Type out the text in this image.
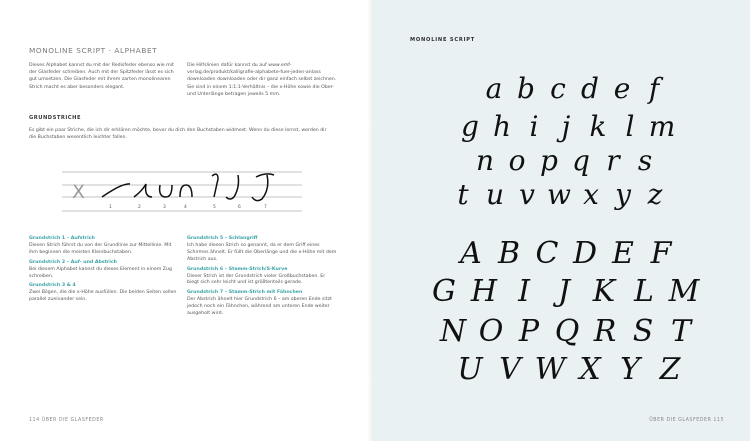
MONOLINE SCRIPT · ALPHABET
Dieses Alphabet kannst du mit der Redisfeder ebenso wie mit der Glasfeder schreiben. Auch mit der Spitzfeder lässt es sich gut umsetzen. Die Glasfeder mit ihrem zarten monolinearen Strich macht es aber besonders elegant.
Die Hilfslinien dafür kannst du auf www.emf-verlag.de/produkt/kalligrafie-alphabete-fuer-jeden-anlass downloaden downloaden oder dir ganz einfach selbst zeichnen. Sie sind in einem 1:1:1-Verhältnis – die x-Höhe sowie die Ober- und Unterlänge betragen jeweils 5 mm.
GRUNDSTRICHE
Es gibt ein paar Striche, die ich dir erklären möchte, bevor du dich den Buchstaben widmest. Wenn du diese lernst, werden dir die Buchstaben wesentlich leichter fallen.
X
1	2	3	4	5	6	7

Grundstrich 1 – Aufstrich
Diesen Strich führst du von der Grundlinie zur Mittellinie. Mit ihm beginnen die meisten Kleinbuchstaben.

Grundstrich 2 – Auf- und Abstrich
Bei diesem Alphabet kannst du dieses Element in einem Zug schreiben.

Grundstrich 3 & 4
Zwei Bögen, die die x-Höhe ausfüllen. Die beiden Seiten sollen parallel zueinander sein.

Grundstrich 5 – Schlangriff
Ich habe diesen Strich so genannt, da er dem Griff eines Schirmes ähnelt. Er füllt die Oberlänge und die x-Höhe mit dem Abstrich aus.

Grundstrich 6 – Stamm-Strich/S-Kurve
Dieser Strich ist der Grundstrich vieler Großbuchstaben. Er biegt sich sehr leicht und ist größtenteils gerade.

Grundstrich 7 – Stamm-Strich mit Fähnchen
Der Abstrich ähnelt hier Grundstrich 6 – am oberen Ende sitzt jedoch noch ein Fähnchen, während am unteren Ende weiter ausgeholt wird.

114 ÜBER DIE GLASFEDER
MONOLINE SCRIPT
a b c d e f
g h i j k l m
n o p q r s
t u v w x y z
A B C D E F
G H I J K L M
N O P Q R S T
U V W X Y Z
ÜBER DIE GLASFEDER 115
